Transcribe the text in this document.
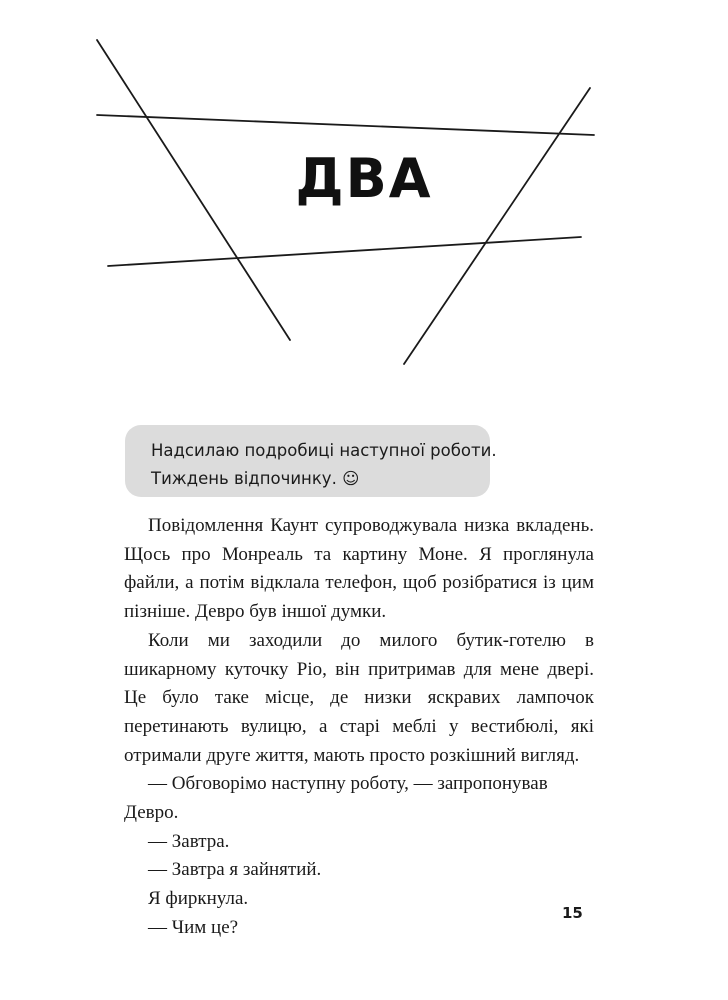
ДВА
Надсилаю подробиці наступної роботи.
Тиждень відпочинку. ☺

Повідомлення Каунт супроводжувала низка вкладень. Щось про Монреаль та картину Моне. Я проглянула файли, а потім відклала телефон, щоб розібратися із цим пізніше. Деврo був іншої думки.

Коли ми заходили до милого бутик-готелю в шикарному куточку Ріо, він притримав для мене двері. Це було таке місце, де низки яскравих лампочок перетинають вулицю, а старі меблі у вестибюлі, які отримали друге життя, мають просто розкішний вигляд.

— Обговорімо наступну роботу, — запропонував Деврo.

— Завтра.

— Завтра я зайнятий.

Я фиркнула.

— Чим це?

15
